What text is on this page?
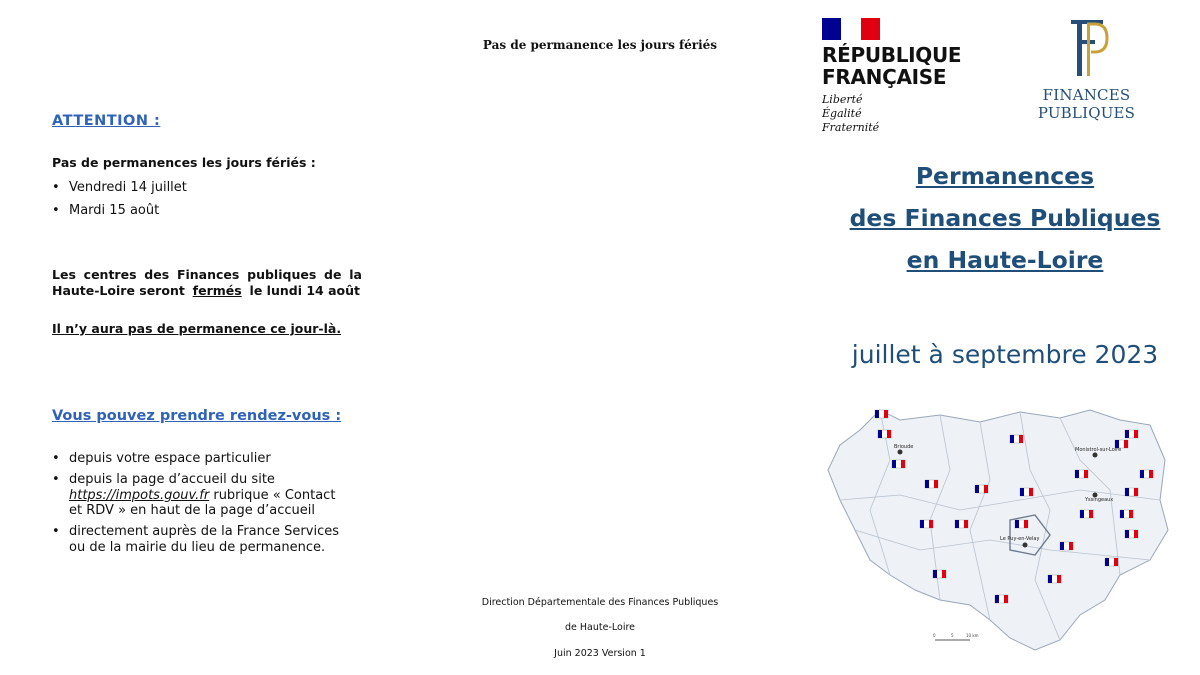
Pas de permanence les jours fériés
ATTENTION :
Pas de permanences les jours fériés :
• Vendredi 14 juillet
• Mardi 15 août
Les centres des Finances publiques de la
Haute-Loire seront fermés le lundi 14 août
Il n’y aura pas de permanence ce jour-là.
Vous pouvez prendre rendez-vous :
• depuis votre espace particulier
• depuis la page d’accueil du site
https://impots.gouv.fr rubrique « Contact et RDV » en haut de la page d’accueil
• directement auprès de la France Services ou de la mairie du lieu de permanence.
Direction Départementale des Finances Publiques
de Haute-Loire
Juin 2023 Version 1
RÉPUBLIQUE
FRANÇAISE
Liberté
Égalité
Fraternité
FINANCES PUBLIQUES
Permanences
des Finances Publiques
en Haute-Loire
juillet à septembre 2023
Brioude	Monistrol-sur-Loire
Yssingeaux
Le Puy-en-Velay
0	5	10 km
